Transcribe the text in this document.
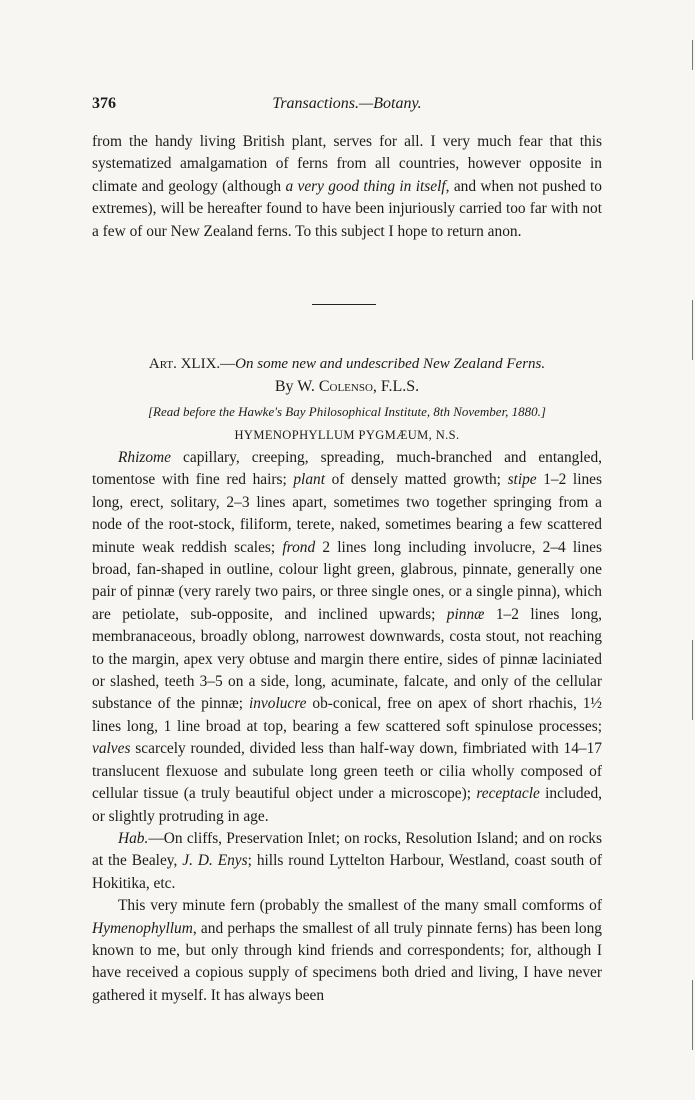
376	Transactions.—Botany.

from the handy living British plant, serves for all. I very much fear that this systematized amalgamation of ferns from all countries, however opposite in climate and geology (although a very good thing in itself, and when not pushed to extremes), will be hereafter found to have been injuriously carried too far with not a few of our New Zealand ferns. To this subject I hope to return anon.

Art. XLIX.—On some new and undescribed New Zealand Ferns.
By W. Colenso, F.L.S.
[Read before the Hawke's Bay Philosophical Institute, 8th November, 1880.]
HYMENOPHYLLUM PYGMÆUM, N.S.

Rhizome capillary, creeping, spreading, much-branched and entangled, tomentose with fine red hairs; plant of densely matted growth; stipe 1–2 lines long, erect, solitary, 2–3 lines apart, sometimes two together springing from a node of the root-stock, filiform, terete, naked, sometimes bearing a few scattered minute weak reddish scales; frond 2 lines long including involucre, 2–4 lines broad, fan-shaped in outline, colour light green, glabrous, pinnate, generally one pair of pinnæ (very rarely two pairs, or three single ones, or a single pinna), which are petiolate, sub-opposite, and inclined upwards; pinnæ 1–2 lines long, membranaceous, broadly oblong, narrowest downwards, costa stout, not reaching to the margin, apex very obtuse and margin there entire, sides of pinnæ laciniated or slashed, teeth 3–5 on a side, long, acuminate, falcate, and only of the cellular substance of the pinnæ; involucre ob-conical, free on apex of short rhachis, 1½ lines long, 1 line broad at top, bearing a few scattered soft spinulose processes; valves scarcely rounded, divided less than half-way down, fimbriated with 14–17 translucent flexuose and subulate long green teeth or cilia wholly composed of cellular tissue (a truly beautiful object under a microscope); receptacle included, or slightly protruding in age.

Hab.—On cliffs, Preservation Inlet; on rocks, Resolution Island; and on rocks at the Bealey, J. D. Enys; hills round Lyttelton Harbour, Westland, coast south of Hokitika, etc.

This very minute fern (probably the smallest of the many small comforms of Hymenophyllum, and perhaps the smallest of all truly pinnate ferns) has been long known to me, but only through kind friends and correspondents; for, although I have received a copious supply of specimens both dried and living, I have never gathered it myself. It has always been
